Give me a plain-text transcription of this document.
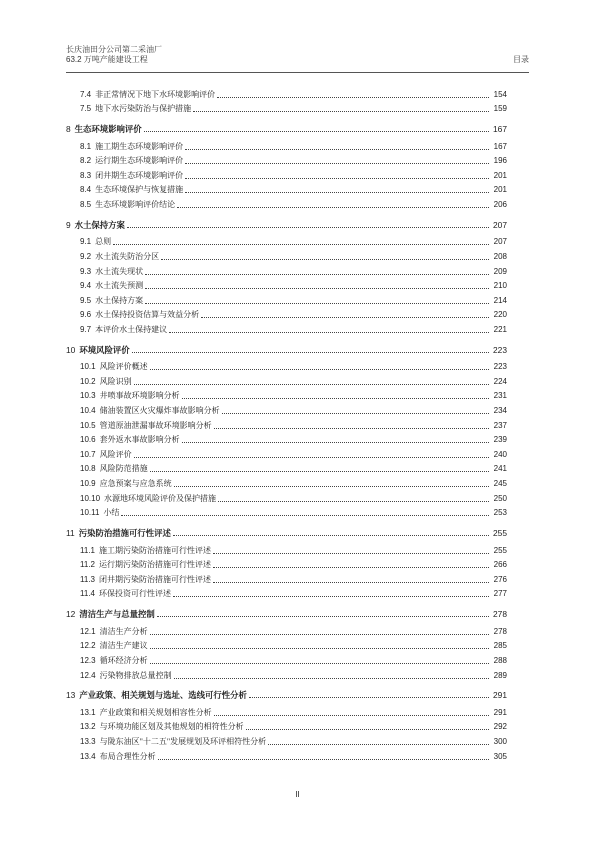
长庆油田分公司第二采油厂
63.2 万吨产能建设工程	目录
7.4 非正常情况下地下水环境影响评价	154
7.5 地下水污染防治与保护措施	159
8 生态环境影响评价	167
8.1 施工期生态环境影响评价	167
8.2 运行期生态环境影响评价	196
8.3 闭井期生态环境影响评价	201
8.4 生态环境保护与恢复措施	201
8.5 生态环境影响评价结论	206
9 水土保持方案	207
9.1 总则	207
9.2 水土流失防治分区	208
9.3 水土流失现状	209
9.4 水土流失预测	210
9.5 水土保持方案	214
9.6 水土保持投资估算与效益分析	220
9.7 本评价水土保持建议	221
10 环境风险评价	223
10.1 风险评价概述	223
10.2 风险识别	224
10.3 井喷事故环境影响分析	231
10.4 储油装置区火灾爆炸事故影响分析	234
10.5 管道原油泄漏事故环境影响分析	237
10.6 套外返水事故影响分析	239
10.7 风险评价	240
10.8 风险防范措施	241
10.9 应急预案与应急系统	245
10.10 水源地环境风险评价及保护措施	250
10.11 小结	253
11 污染防治措施可行性评述	255
11.1 施工期污染防治措施可行性评述	255
11.2 运行期污染防治措施可行性评述	266
11.3 闭井期污染防治措施可行性评述	276
11.4 环保投资可行性评述	277
12 清洁生产与总量控制	278
12.1 清洁生产分析	278
12.2 清洁生产建议	285
12.3 循环经济分析	288
12.4 污染物排放总量控制	289
13 产业政策、相关规划与选址、选线可行性分析	291
13.1 产业政策和相关规划相容性分析	291
13.2 与环境功能区划及其他规划的相符性分析	292
13.3 与陇东油区"十二五"发展规划及环评相符性分析	300
13.4 布局合理性分析	305
II
